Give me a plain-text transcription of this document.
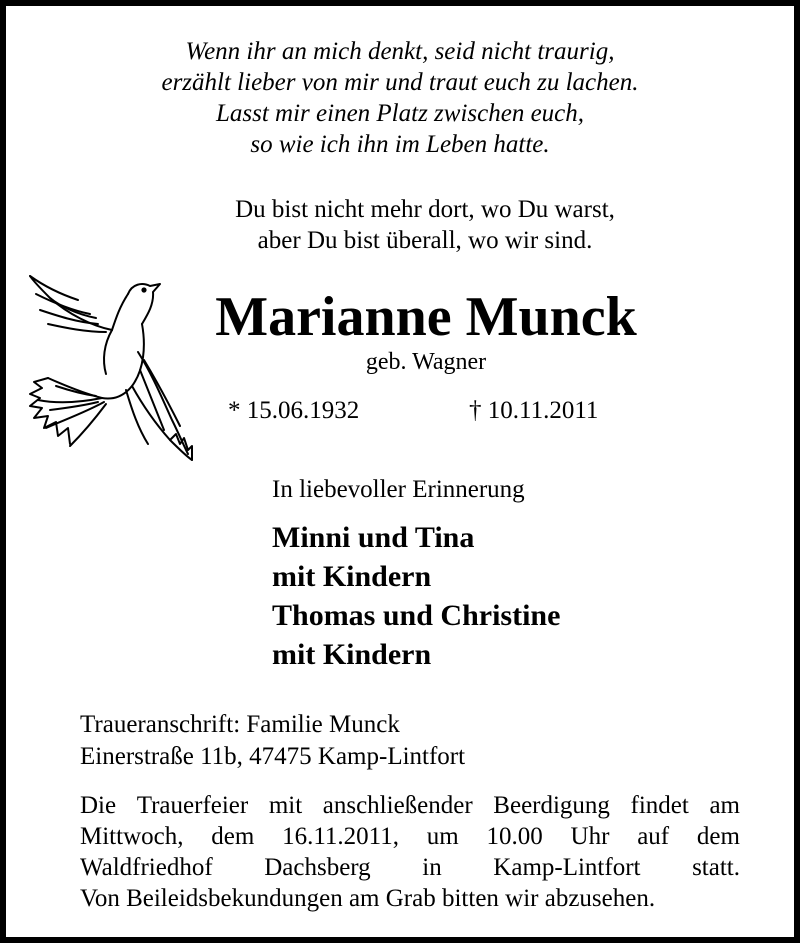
Wenn ihr an mich denkt, seid nicht traurig,
erzählt lieber von mir und traut euch zu lachen.
Lasst mir einen Platz zwischen euch,
so wie ich ihn im Leben hatte.
Du bist nicht mehr dort, wo Du warst,
aber Du bist überall, wo wir sind.
Marianne Munck
geb. Wagner
* 15.06.1932	† 10.11.2011
In liebevoller Erinnerung
Minni und Tina
mit Kindern
Thomas und Christine
mit Kindern
Traueranschrift: Familie Munck
Einerstraße 11b, 47475 Kamp-Lintfort
Die Trauerfeier mit anschließender Beerdigung findet am
Mittwoch, dem 16.11.2011, um 10.00 Uhr auf dem
Waldfriedhof Dachsberg in Kamp-Lintfort statt.
Von Beileidsbekundungen am Grab bitten wir abzusehen.
